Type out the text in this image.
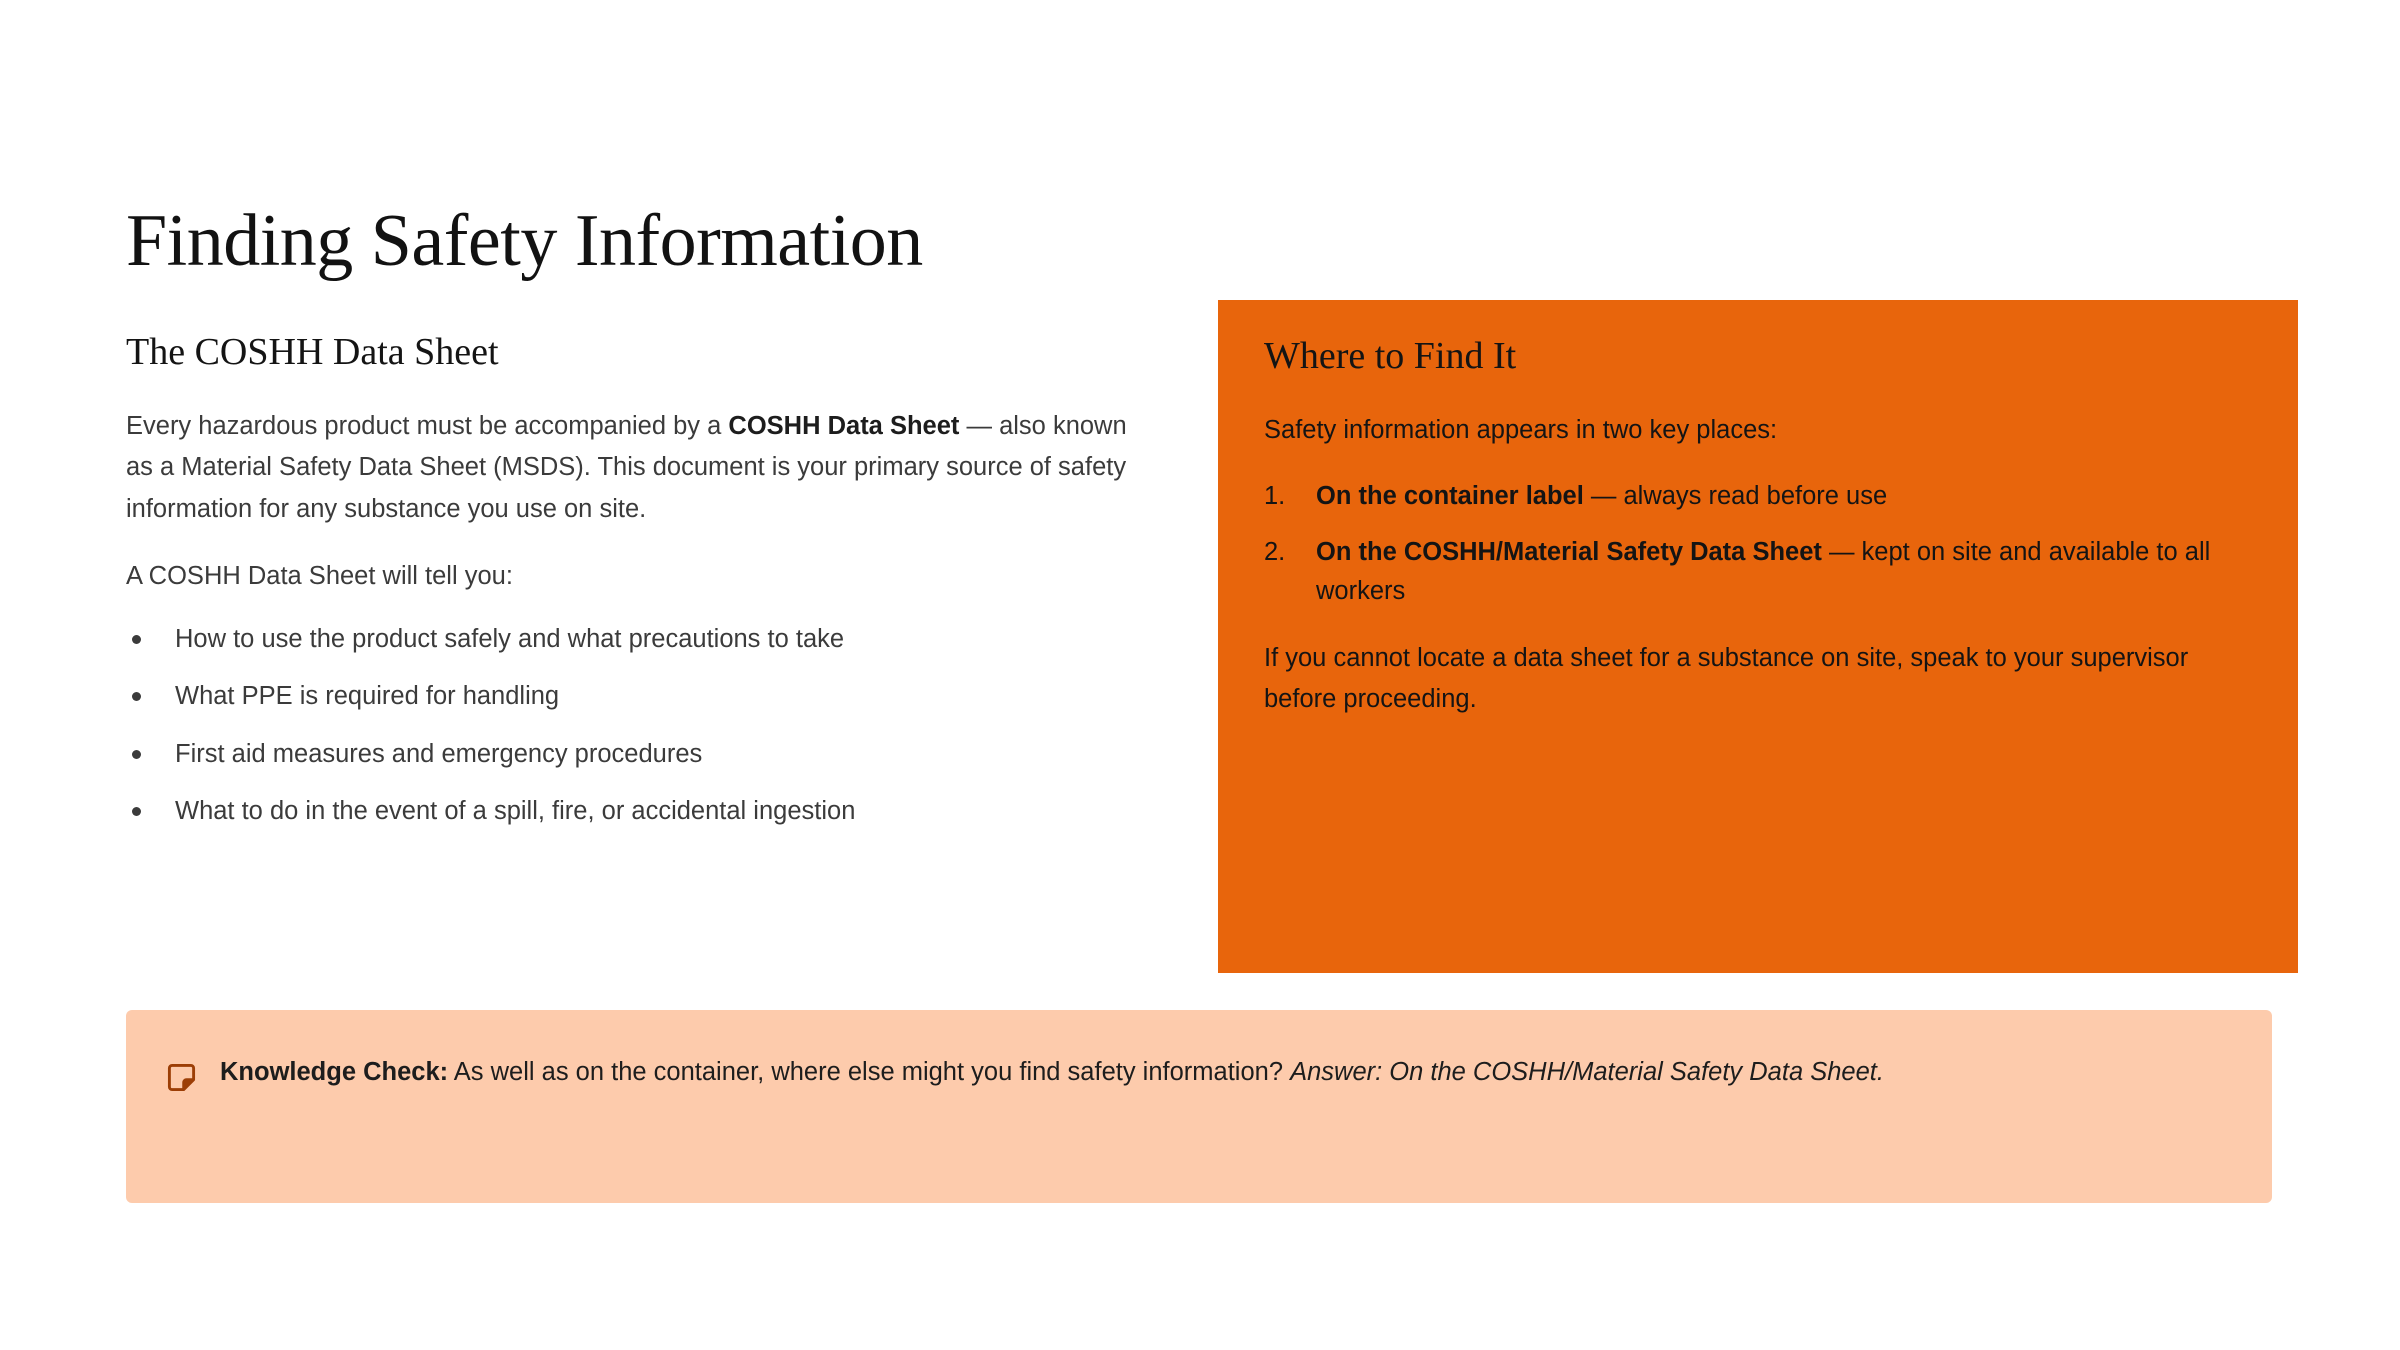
Finding Safety Information
The COSHH Data Sheet

Every hazardous product must be accompanied by a COSHH Data Sheet — also known as a Material Safety Data Sheet (MSDS). This document is your primary source of safety information for any substance you use on site.

A COSHH Data Sheet will tell you:

How to use the product safely and what precautions to take
What PPE is required for handling
First aid measures and emergency procedures
What to do in the event of a spill, fire, or accidental ingestion
Where to Find It

Safety information appears in two key places:

1. On the container label — always read before use
2. On the COSHH/Material Safety Data Sheet — kept on site and available to all workers

If you cannot locate a data sheet for a substance on site, speak to your supervisor before proceeding.

Knowledge Check: As well as on the container, where else might you find safety information? Answer: On the COSHH/Material Safety Data Sheet.
